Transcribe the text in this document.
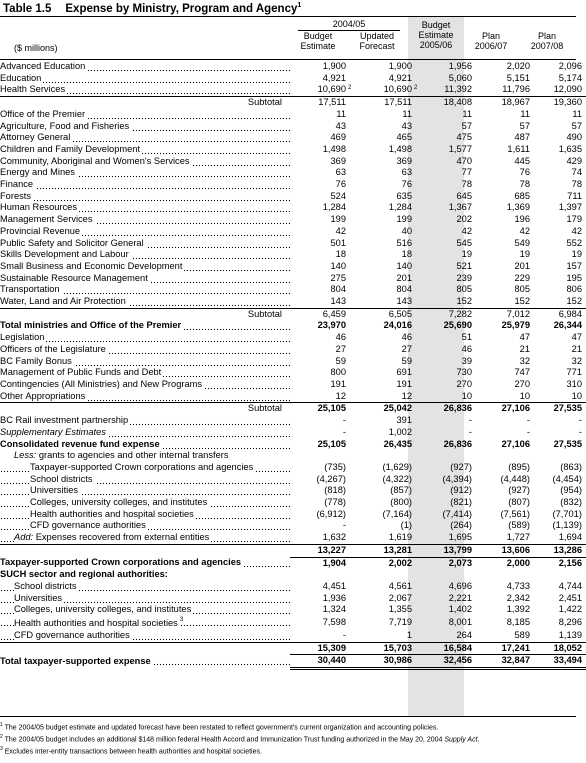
Table 1.5 Expense by Ministry, Program and Agency$^1$
2004/05
($ millions)
Budget
Estimate
Updated
Forecast
Budget
Estimate
2005/06
Plan
2006/07
Plan
2007/08
Advanced Education	1,900	1,900	1,956	2,020	2,096
Education	4,921	4,921	5,060	5,151	5,174
Health Services	10,690 2	10,690 2	11,392	11,796	12,090
Subtotal	17,511	17,511	18,408	18,967	19,360
Office of the Premier	11	11	11	11	11
Agriculture, Food and Fisheries	43	43	57	57	57
Attorney General	469	465	475	487	490
Children and Family Development	1,498	1,498	1,577	1,611	1,635
Community, Aboriginal and Women's Services	369	369	470	445	429
Energy and Mines	63	63	77	76	74
Finance	76	76	78	78	78
Forests	524	635	645	685	711
Human Resources	1,284	1,284	1,367	1,369	1,397
Management Services	199	199	202	196	179
Provincial Revenue	42	40	42	42	42
Public Safety and Solicitor General	501	516	545	549	552
Skills Development and Labour	18	18	19	19	19
Small Business and Economic Development	140	140	521	201	157
Sustainable Resource Management	275	201	239	229	195
Transportation	804	804	805	805	806
Water, Land and Air Protection	143	143	152	152	152
Subtotal	6,459	6,505	7,282	7,012	6,984
Total ministries and Office of the Premier	23,970	24,016	25,690	25,979	26,344
Legislation	46	46	51	47	47
Officers of the Legislature	27	27	46	21	21
BC Family Bonus	59	59	39	32	32
Management of Public Funds and Debt	800	691	730	747	771
Contingencies (All Ministries) and New Programs	191	191	270	270	310
Other Appropriations	12	12	10	10	10
Subtotal	25,105	25,042	26,836	27,106	27,535
BC Rail investment partnership	-	391	-	-	-
Supplementary Estimates	-	1,002	-	-	-
Consolidated revenue fund expense	25,105	26,435	26,836	27,106	27,535
Less: grants to agencies and other internal transfers					
Taxpayer-supported Crown corporations and agencies	(735)	(1,629)	(927)	(895)	(863)
School districts	(4,267)	(4,322)	(4,394)	(4,448)	(4,454)
Universities	(818)	(857)	(912)	(927)	(954)
Colleges, university colleges, and institutes	(778)	(800)	(821)	(807)	(832)
Health authorities and hospital societies	(6,912)	(7,164)	(7,414)	(7,561)	(7,701)
CFD governance authorities	-	(1)	(264)	(589)	(1,139)
Add: Expenses recovered from external entities	1,632	1,619	1,695	1,727	1,694
	13,227	13,281	13,799	13,606	13,286
Taxpayer-supported Crown corporations and agencies	1,904	2,002	2,073	2,000	2,156
SUCH sector and regional authorities:					
School districts	4,451	4,561	4,696	4,733	4,744
Universities	1,936	2,067	2,221	2,342	2,451
Colleges, university colleges, and institutes	1,324	1,355	1,402	1,392	1,422
Health authorities and hospital societies $^3$	7,598	7,719	8,001	8,185	8,296
CFD governance authorities	-	1	264	589	1,139
	15,309	15,703	16,584	17,241	18,052
Total taxpayer-supported expense	30,440	30,986	32,456	32,847	33,494
$^1$ The 2004/05 budget estimate and updated forecast have been restated to reflect government's current organization and accounting policies.
$^2$ The 2004/05 budget includes an additional $148 million federal Health Accord and Immunization Trust funding authorized in the May 20, 2004 Supply Act.
$^3$ Excludes inter-entity transactions between health authorities and hospital societies.
